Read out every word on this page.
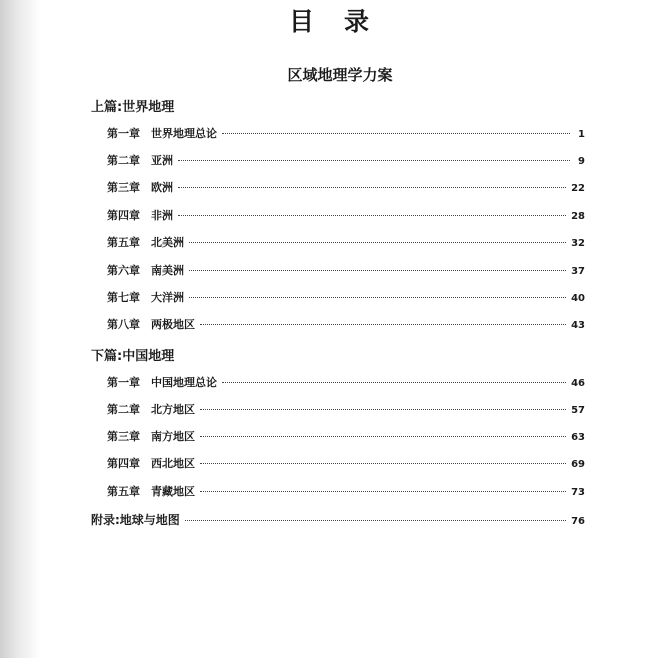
目录
区域地理学力案
上篇:世界地理
第一章 世界地理总论	1
第二章 亚洲	9
第三章 欧洲	22
第四章 非洲	28
第五章 北美洲	32
第六章 南美洲	37
第七章 大洋洲	40
第八章 两极地区	43
下篇:中国地理
第一章 中国地理总论	46
第二章 北方地区	57
第三章 南方地区	63
第四章 西北地区	69
第五章 青藏地区	73
附录:地球与地图	76
